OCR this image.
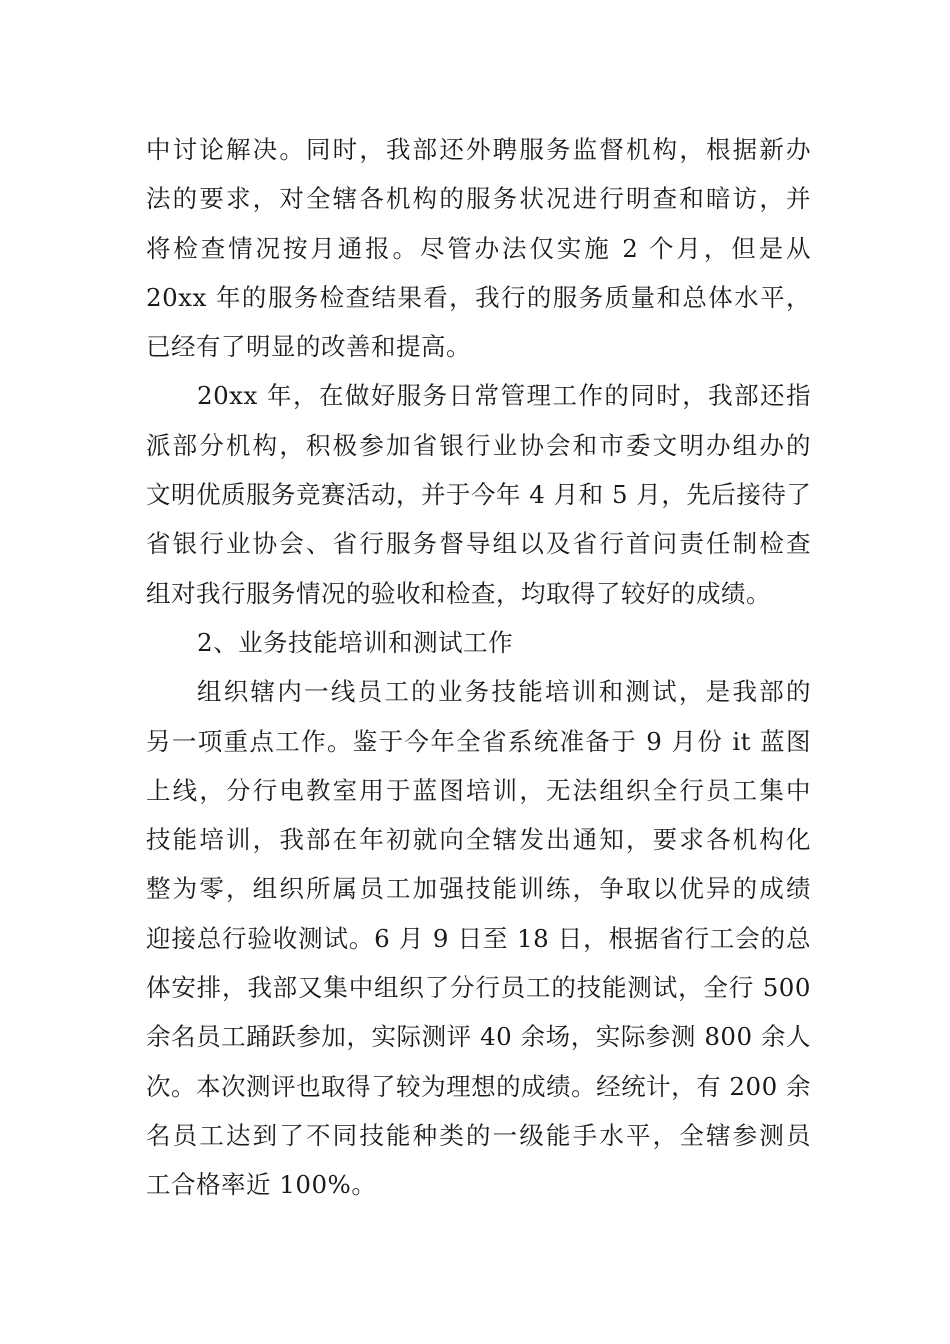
中讨论解决。同时，我部还外聘服务监督机构，根据新办
法的要求，对全辖各机构的服务状况进行明查和暗访，并
将检查情况按月通报。尽管办法仅实施 2 个月，但是从
20xx 年的服务检查结果看，我行的服务质量和总体水平，
已经有了明显的改善和提高。
20xx 年，在做好服务日常管理工作的同时，我部还指
派部分机构，积极参加省银行业协会和市委文明办组办的
文明优质服务竞赛活动，并于今年 4 月和 5 月，先后接待了
省银行业协会、省行服务督导组以及省行首问责任制检查
组对我行服务情况的验收和检查，均取得了较好的成绩。
2、业务技能培训和测试工作
组织辖内一线员工的业务技能培训和测试，是我部的
另一项重点工作。鉴于今年全省系统准备于 9 月份 it 蓝图
上线，分行电教室用于蓝图培训，无法组织全行员工集中
技能培训，我部在年初就向全辖发出通知，要求各机构化
整为零，组织所属员工加强技能训练，争取以优异的成绩
迎接总行验收测试。6 月 9 日至 18 日，根据省行工会的总
体安排，我部又集中组织了分行员工的技能测试，全行 500
余名员工踊跃参加，实际测评 40 余场，实际参测 800 余人
次。本次测评也取得了较为理想的成绩。经统计，有 200 余
名员工达到了不同技能种类的一级能手水平，全辖参测员
工合格率近 100%。
